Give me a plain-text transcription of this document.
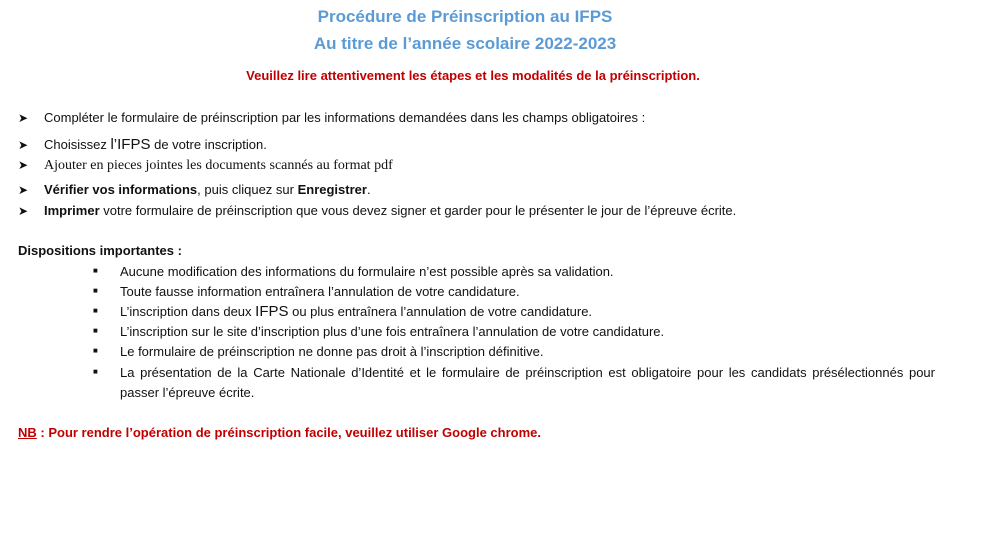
Procédure de Préinscription au IFPS
Au titre de l’année scolaire 2022-2023
Veuillez lire attentivement les étapes et les modalités de la préinscription.
➤ Compléter le formulaire de préinscription par les informations demandées dans les champs obligatoires :
➤ Choisissez l’IFPS de votre inscription.
➤ Ajouter en pieces jointes les documents scannés au format pdf
➤ Vérifier vos informations, puis cliquez sur Enregistrer.
➤ Imprimer votre formulaire de préinscription que vous devez signer et garder pour le présenter le jour de l’épreuve écrite.
Dispositions importantes :
■ Aucune modification des informations du formulaire n’est possible après sa validation.
■ Toute fausse information entraînera l’annulation de votre candidature.
■ L’inscription dans deux IFPS ou plus entraînera l’annulation de votre candidature.
■ L’inscription sur le site d’inscription plus d’une fois entraînera l’annulation de votre candidature.
■ Le formulaire de préinscription ne donne pas droit à l’inscription définitive.
■ La présentation de la Carte Nationale d’Identité et le formulaire de préinscription est obligatoire pour les candidats présélectionnés pour passer l’épreuve écrite.
NB : Pour rendre l’opération de préinscription facile, veuillez utiliser Google chrome.
